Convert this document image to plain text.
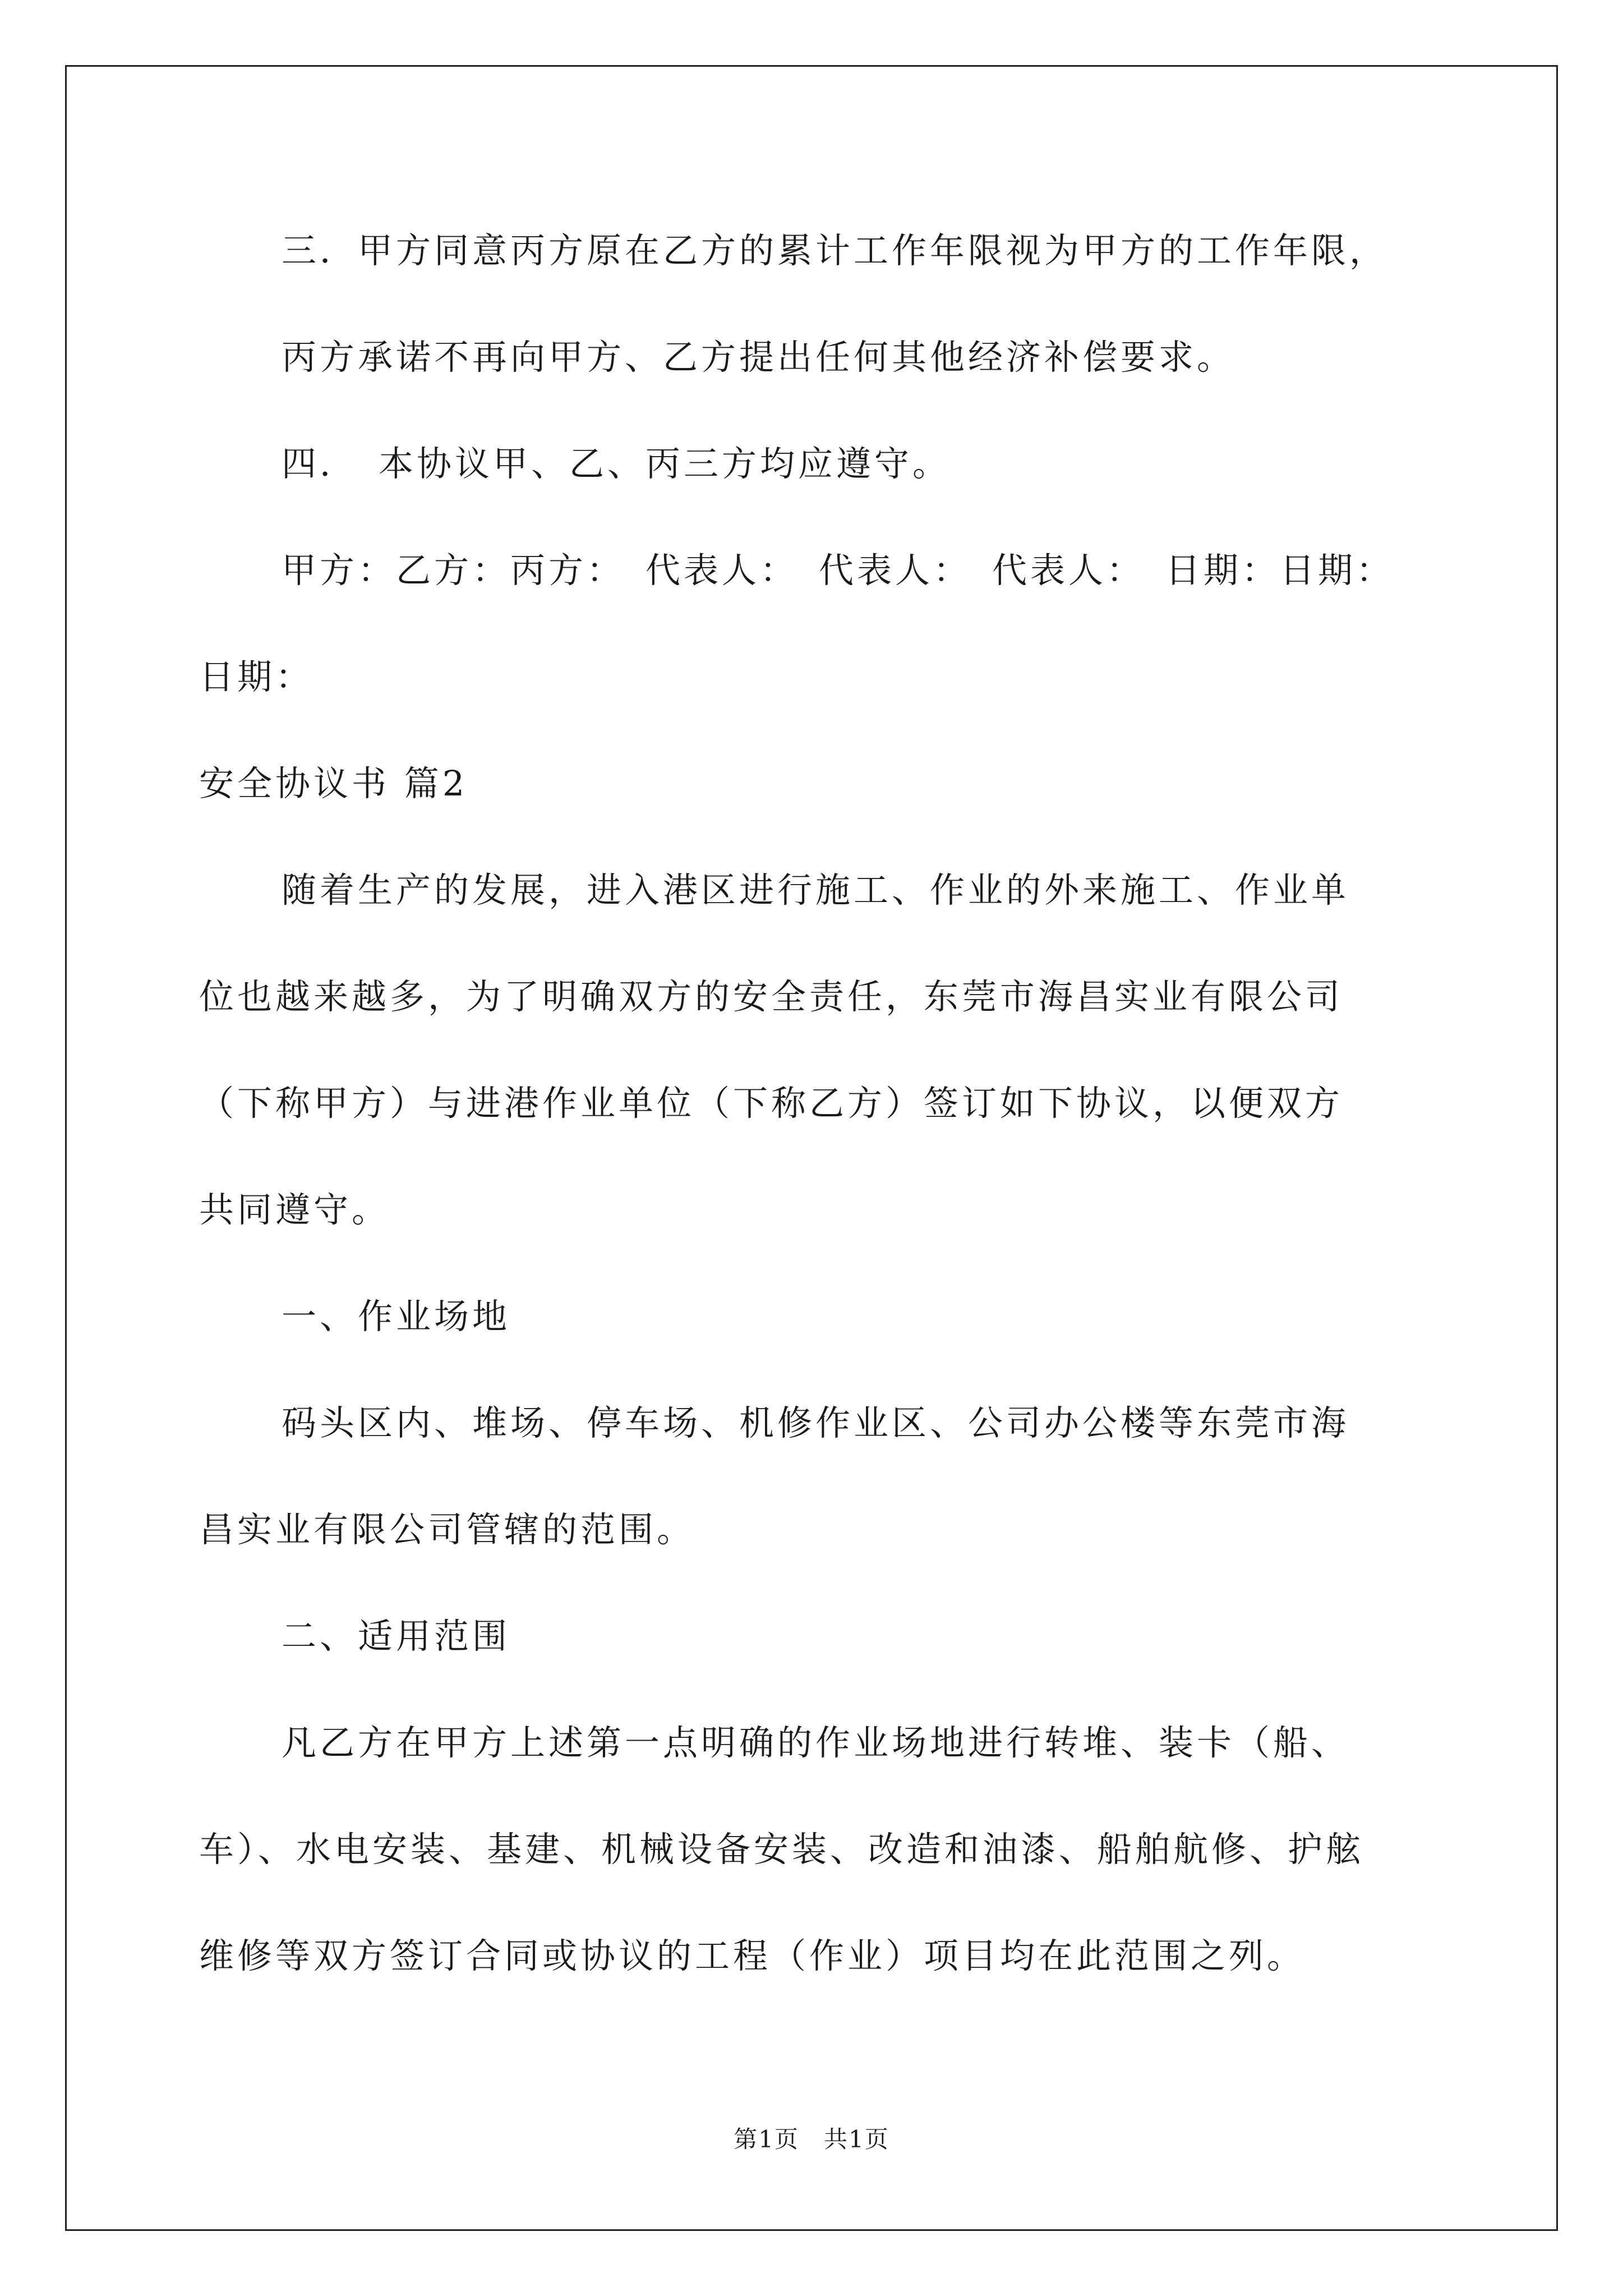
三．甲方同意丙方原在乙方的累计工作年限视为甲方的工作年限，
丙方承诺不再向甲方、乙方提出任何其他经济补偿要求。
四．　本协议甲、乙、丙三方均应遵守。
甲方：乙方：丙方：　代表人：　代表人：　代表人：　日期：日期：
日期：
安全协议书 篇2
随着生产的发展，进入港区进行施工、作业的外来施工、作业单
位也越来越多，为了明确双方的安全责任，东莞市海昌实业有限公司
（下称甲方）与进港作业单位（下称乙方）签订如下协议，以便双方
共同遵守。
一、作业场地
码头区内、堆场、停车场、机修作业区、公司办公楼等东莞市海
昌实业有限公司管辖的范围。
二、适用范围
凡乙方在甲方上述第一点明确的作业场地进行转堆、装卡（船、
车）、水电安装、基建、机械设备安装、改造和油漆、船舶航修、护舷
维修等双方签订合同或协议的工程（作业）项目均在此范围之列。
第1页　共1页
